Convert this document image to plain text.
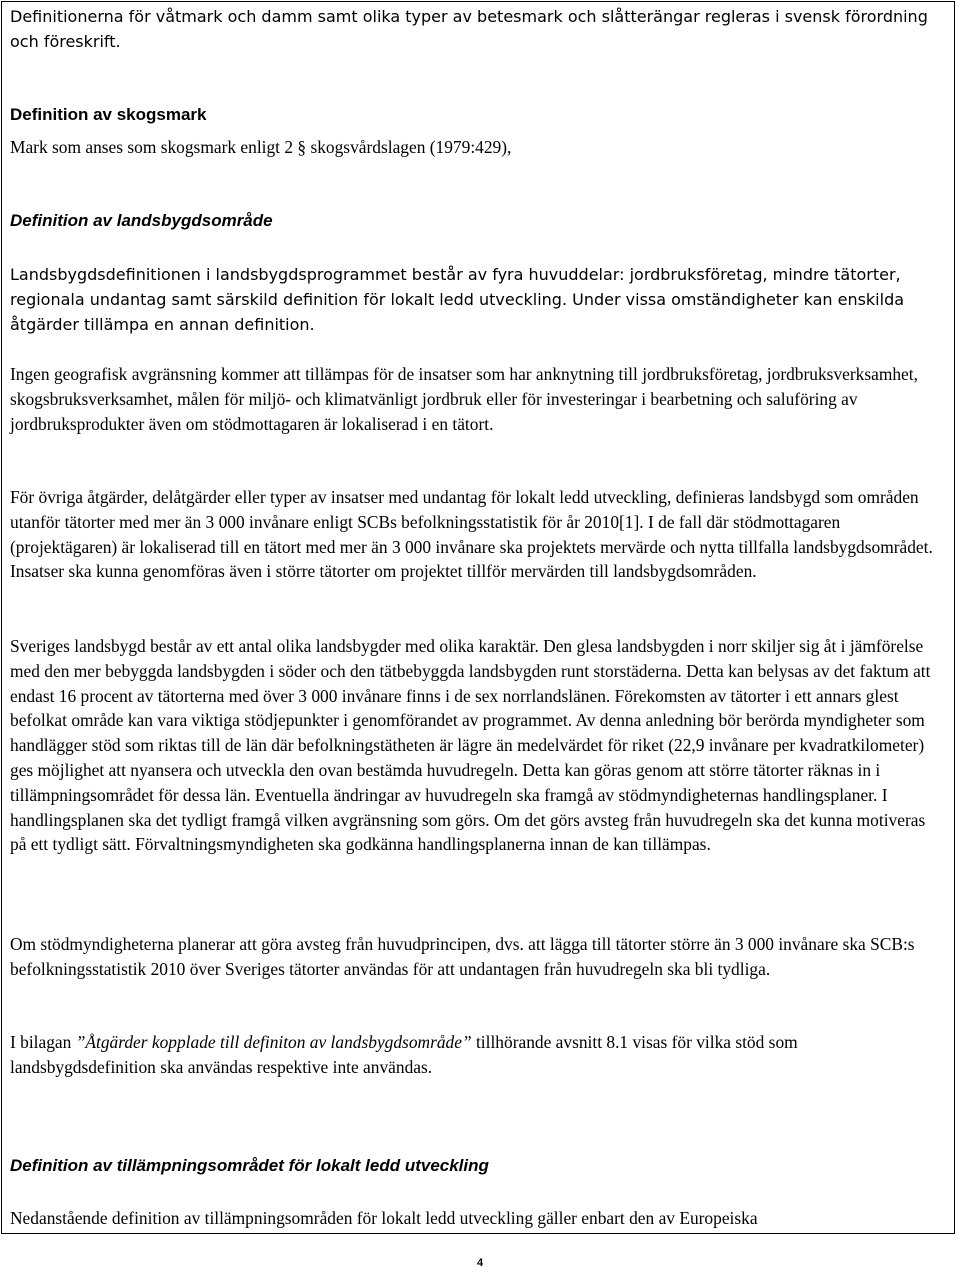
Definitionerna för våtmark och damm samt olika typer av betesmark och slåtterängar regleras i svensk förordning och föreskrift.

Definition av skogsmark

Mark som anses som skogsmark enligt 2 § skogsvårdslagen (1979:429),

Definition av landsbygdsområde

Landsbygdsdefinitionen i landsbygdsprogrammet består av fyra huvuddelar: jordbruksföretag, mindre tätorter, regionala undantag samt särskild definition för lokalt ledd utveckling. Under vissa omständigheter kan enskilda åtgärder tillämpa en annan definition.

Ingen geografisk avgränsning kommer att tillämpas för de insatser som har anknytning till jordbruksföretag, jordbruksverksamhet, skogsbruksverksamhet, målen för miljö- och klimatvänligt jordbruk eller för investeringar i bearbetning och saluföring av jordbruksprodukter även om stödmottagaren är lokaliserad i en tätort.

För övriga åtgärder, delåtgärder eller typer av insatser med undantag för lokalt ledd utveckling, definieras landsbygd som områden utanför tätorter med mer än 3 000 invånare enligt SCBs befolkningsstatistik för år 2010[1]. I de fall där stödmottagaren (projektägaren) är lokaliserad till en tätort med mer än 3 000 invånare ska projektets mervärde och nytta tillfalla landsbygdsområdet. Insatser ska kunna genomföras även i större tätorter om projektet tillför mervärden till landsbygdsområden.

Sveriges landsbygd består av ett antal olika landsbygder med olika karaktär. Den glesa landsbygden i norr skiljer sig åt i jämförelse med den mer bebyggda landsbygden i söder och den tätbebyggda landsbygden runt storstäderna. Detta kan belysas av det faktum att endast 16 procent av tätorterna med över 3 000 invånare finns i de sex norrlandslänen. Förekomsten av tätorter i ett annars glest befolkat område kan vara viktiga stödjepunkter i genomförandet av programmet. Av denna anledning bör berörda myndigheter som handlägger stöd som riktas till de län där befolkningstätheten är lägre än medelvärdet för riket (22,9 invånare per kvadratkilometer) ges möjlighet att nyansera och utveckla den ovan bestämda huvudregeln. Detta kan göras genom att större tätorter räknas in i tillämpningsområdet för dessa län. Eventuella ändringar av huvudregeln ska framgå av stödmyndigheternas handlingsplaner. I handlingsplanen ska det tydligt framgå vilken avgränsning som görs. Om det görs avsteg från huvudregeln ska det kunna motiveras på ett tydligt sätt. Förvaltningsmyndigheten ska godkänna handlingsplanerna innan de kan tillämpas.

Om stödmyndigheterna planerar att göra avsteg från huvudprincipen, dvs. att lägga till tätorter större än 3 000 invånare ska SCB:s befolkningsstatistik 2010 över Sveriges tätorter användas för att undantagen från huvudregeln ska bli tydliga.

I bilagan ”Åtgärder kopplade till definiton av landsbygdsområde” tillhörande avsnitt 8.1 visas för vilka stöd som landsbygdsdefinition ska användas respektive inte användas.

Definition av tillämpningsområdet för lokalt ledd utveckling

Nedanstående definition av tillämpningsområden för lokalt ledd utveckling gäller enbart den av Europeiska

4
